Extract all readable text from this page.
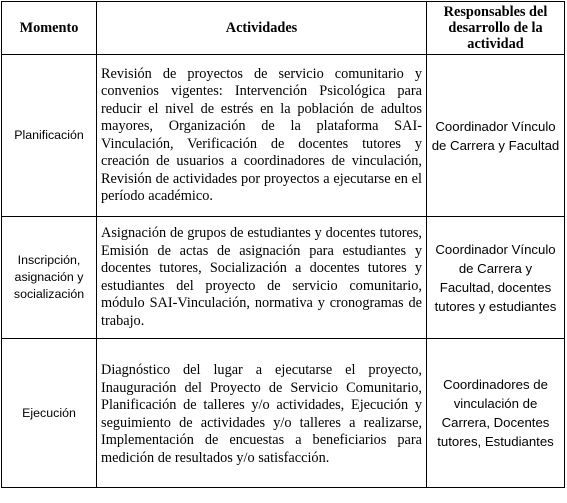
Momento	Actividades	Responsables del desarrollo de la actividad
Planificación	Revisión de proyectos de servicio comunitario y convenios vigentes: Intervención Psicológica para reducir el nivel de estrés en la población de adultos mayores, Organización de la plataforma SAI-Vinculación, Verificación de docentes tutores y creación de usuarios a coordinadores de vinculación, Revisión de actividades por proyectos a ejecutarse en el período académico.	Coordinador Vínculo de Carrera y Facultad
Inscripción, asignación y socialización	Asignación de grupos de estudiantes y docentes tutores, Emisión de actas de asignación para estudiantes y docentes tutores, Socialización a docentes tutores y estudiantes del proyecto de servicio comunitario, módulo SAI-Vinculación, normativa y cronogramas de trabajo.	Coordinador Vínculo de Carrera y Facultad, docentes tutores y estudiantes
Ejecución	Diagnóstico del lugar a ejecutarse el proyecto, Inauguración del Proyecto de Servicio Comunitario, Planificación de talleres y/o actividades, Ejecución y seguimiento de actividades y/o talleres a realizarse, Implementación de encuestas a beneficiarios para medición de resultados y/o satisfacción.	Coordinadores de vinculación de Carrera, Docentes tutores, Estudiantes
